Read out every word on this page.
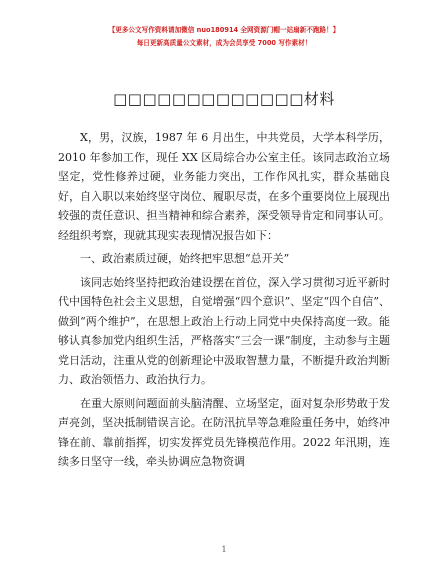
【更多公文写作资料请加微信 nuo180914 全网资源门帽一站扇新不跑路！】
每日更新高质量公文素材，成为会员享受 7000 写作素材！
□□□□□□□□□□□□□材料

X，男，汉族，1987 年 6 月出生，中共党员，大学本科学历，2010 年参加工作，现任 XX 区局综合办公室主任。该同志政治立场坚定，党性修养过硬，业务能力突出，工作作风扎实，群众基础良好，自入职以来始终坚守岗位、履职尽责，在多个重要岗位上展现出较强的责任意识、担当精神和综合素养，深受领导肯定和同事认可。经组织考察，现就其现实表现情况报告如下：

一、政治素质过硬，始终把牢思想“总开关”

该同志始终坚持把政治建设摆在首位，深入学习贯彻习近平新时代中国特色社会主义思想，自觉增强“四个意识”、坚定“四个自信”、做到“两个维护”，在思想上政治上行动上同党中央保持高度一致。能够认真参加党内组织生活，严格落实“三会一课”制度，主动参与主题党日活动，注重从党的创新理论中汲取智慧力量，不断提升政治判断力、政治领悟力、政治执行力。

在重大原则问题面前头脑清醒、立场坚定，面对复杂形势敢于发声亮剑，坚决抵制错误言论。在防汛抗旱等急难险重任务中，始终冲锋在前、靠前指挥，切实发挥党员先锋模范作用。2022 年汛期，连续多日坚守一线，牵头协调应急物资调

1
